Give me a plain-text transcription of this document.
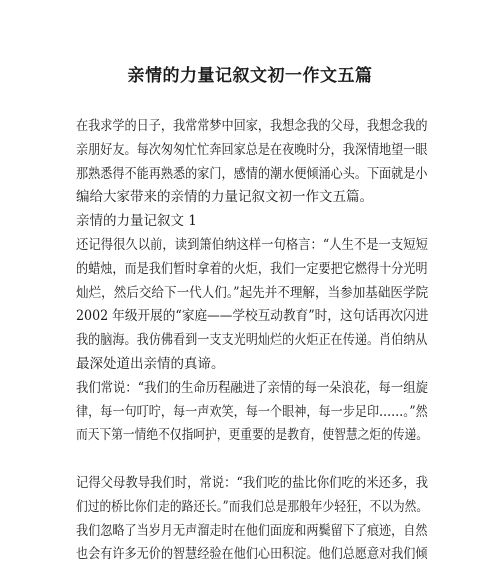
亲情的力量记叙文初一作文五篇
在我求学的日子，我常常梦中回家，我想念我的父母，我想念我的
亲朋好友。每次匆匆忙忙奔回家总是在夜晚时分，我深情地望一眼
那熟悉得不能再熟悉的家门，感情的潮水便倾涌心头。下面就是小
编给大家带来的亲情的力量记叙文初一作文五篇。
亲情的力量记叙文 1
还记得很久以前，读到箫伯纳这样一句格言：“人生不是一支短短
的蜡烛，而是我们暂时拿着的火炬，我们一定要把它燃得十分光明
灿烂，然后交给下一代人们。”起先并不理解，当参加基础医学院
2002 年级开展的“家庭——学校互动教育”时，这句话再次闪进
我的脑海。我仿佛看到一支支光明灿烂的火炬正在传递。肖伯纳从
最深处道出亲情的真谛。
我们常说：“我们的生命历程融进了亲情的每一朵浪花，每一组旋
律，每一句叮咛，每一声欢笑，每一个眼神，每一步足印……。”然
而天下第一情绝不仅指呵护，更重要的是教育，使智慧之炬的传递。
记得父母教导我们时，常说：“我们吃的盐比你们吃的米还多，我
们过的桥比你们走的路还长。”而我们总是那般年少轻狂，不以为然。
我们忽略了当岁月无声溜走时在他们面庞和两鬓留下了痕迹，自然
也会有许多无价的智慧经验在他们心田积淀。他们总愿意对我们倾
